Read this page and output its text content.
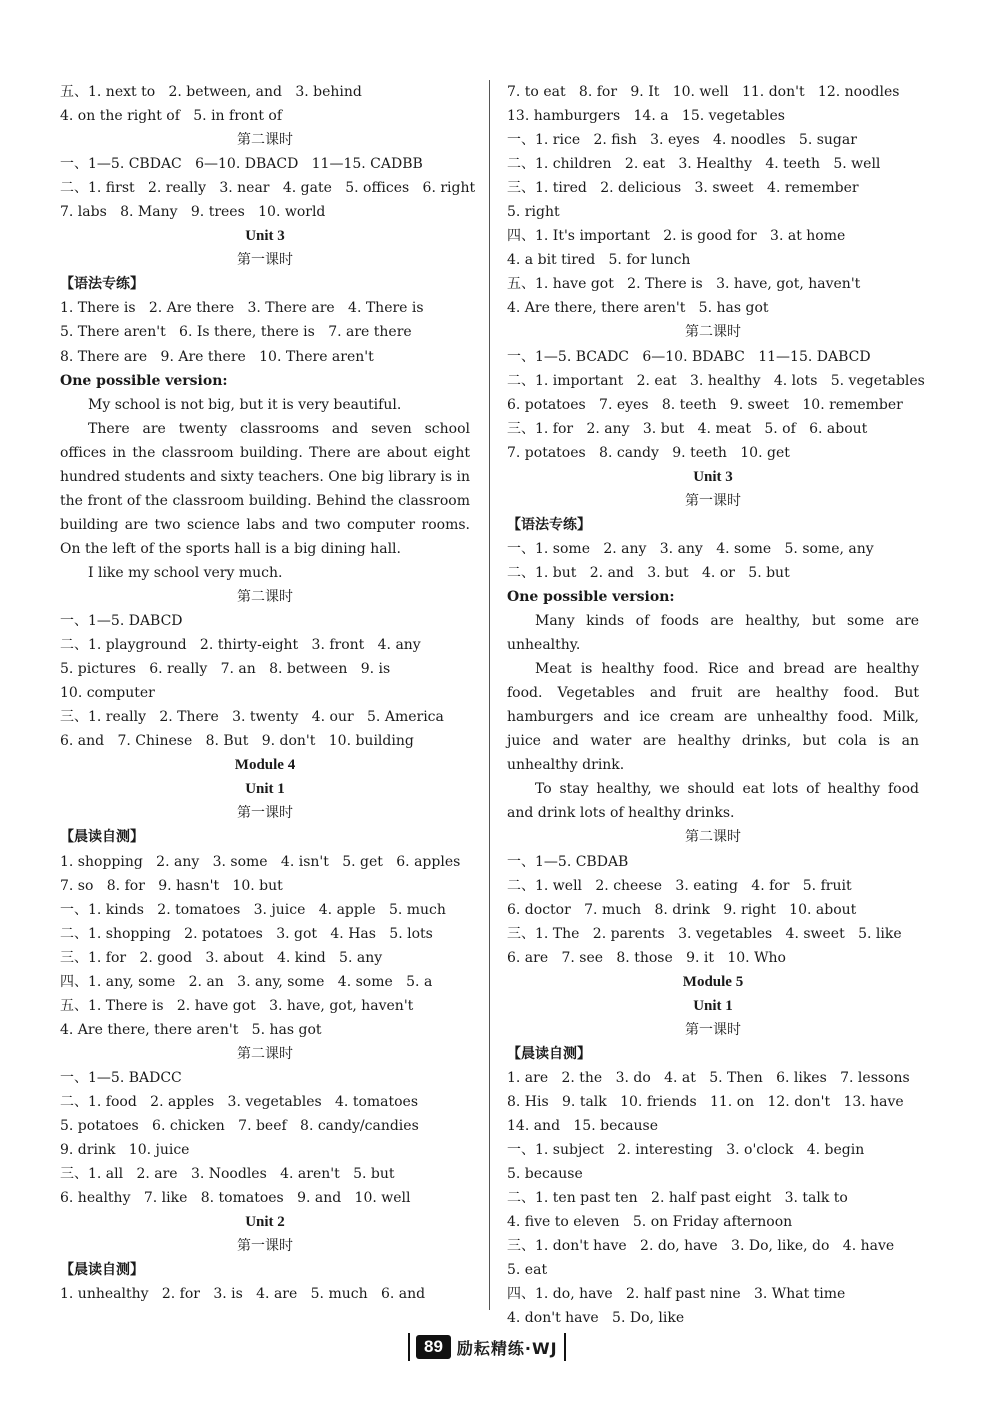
五、1. next to   2. between, and   3. behind
4. on the right of   5. in front of
第二课时
一、1—5. CBDAC   6—10. DBACD   11—15. CADBB
二、1. first   2. really   3. near   4. gate   5. offices   6. right
7. labs   8. Many   9. trees   10. world
Unit 3
第一课时
【语法专练】
1. There is   2. Are there   3. There are   4. There is
5. There aren't   6. Is there, there is   7. are there
8. There are   9. Are there   10. There aren't
One possible version:

My school is not big, but it is very beautiful.

There are twenty classrooms and seven school offices in the classroom building. There are about eight hundred students and sixty teachers. One big library is in the front of the classroom building. Behind the classroom building are two science labs and two computer rooms. On the left of the sports hall is a big dining hall.

I like my school very much.

第二课时
一、1—5. DABCD
二、1. playground   2. thirty-eight   3. front   4. any
5. pictures   6. really   7. an   8. between   9. is
10. computer
三、1. really   2. There   3. twenty   4. our   5. America
6. and   7. Chinese   8. But   9. don't   10. building
Module 4
Unit 1
第一课时
【晨读自测】
1. shopping   2. any   3. some   4. isn't   5. get   6. apples
7. so   8. for   9. hasn't   10. but
一、1. kinds   2. tomatoes   3. juice   4. apple   5. much
二、1. shopping   2. potatoes   3. got   4. Has   5. lots
三、1. for   2. good   3. about   4. kind   5. any
四、1. any, some   2. an   3. any, some   4. some   5. a
五、1. There is   2. have got   3. have, got, haven't
4. Are there, there aren't   5. has got
第二课时
一、1—5. BADCC
二、1. food   2. apples   3. vegetables   4. tomatoes
5. potatoes   6. chicken   7. beef   8. candy/candies
9. drink   10. juice
三、1. all   2. are   3. Noodles   4. aren't   5. but
6. healthy   7. like   8. tomatoes   9. and   10. well
Unit 2
第一课时
【晨读自测】
1. unhealthy   2. for   3. is   4. are   5. much   6. and
7. to eat   8. for   9. It   10. well   11. don't   12. noodles
13. hamburgers   14. a   15. vegetables
一、1. rice   2. fish   3. eyes   4. noodles   5. sugar
二、1. children   2. eat   3. Healthy   4. teeth   5. well
三、1. tired   2. delicious   3. sweet   4. remember
5. right
四、1. It's important   2. is good for   3. at home
4. a bit tired   5. for lunch
五、1. have got   2. There is   3. have, got, haven't
4. Are there, there aren't   5. has got
第二课时
一、1—5. BCADC   6—10. BDABC   11—15. DABCD
二、1. important   2. eat   3. healthy   4. lots   5. vegetables
6. potatoes   7. eyes   8. teeth   9. sweet   10. remember
三、1. for   2. any   3. but   4. meat   5. of   6. about
7. potatoes   8. candy   9. teeth   10. get
Unit 3
第一课时
【语法专练】
一、1. some   2. any   3. any   4. some   5. some, any
二、1. but   2. and   3. but   4. or   5. but
One possible version:

Many kinds of foods are healthy, but some are unhealthy.

Meat is healthy food. Rice and bread are healthy food. Vegetables and fruit are healthy food. But hamburgers and ice cream are unhealthy food. Milk, juice and water are healthy drinks, but cola is an unhealthy drink.

To stay healthy, we should eat lots of healthy food and drink lots of healthy drinks.

第二课时
一、1—5. CBDAB
二、1. well   2. cheese   3. eating   4. for   5. fruit
6. doctor   7. much   8. drink   9. right   10. about
三、1. The   2. parents   3. vegetables   4. sweet   5. like
6. are   7. see   8. those   9. it   10. Who
Module 5
Unit 1
第一课时
【晨读自测】
1. are   2. the   3. do   4. at   5. Then   6. likes   7. lessons
8. His   9. talk   10. friends   11. on   12. don't   13. have
14. and   15. because
一、1. subject   2. interesting   3. o'clock   4. begin
5. because
二、1. ten past ten   2. half past eight   3. talk to
4. five to eleven   5. on Friday afternoon
三、1. don't have   2. do, have   3. Do, like, do   4. have
5. eat
四、1. do, have   2. half past nine   3. What time
4. don't have   5. Do, like
89 励耘精练·WJ
